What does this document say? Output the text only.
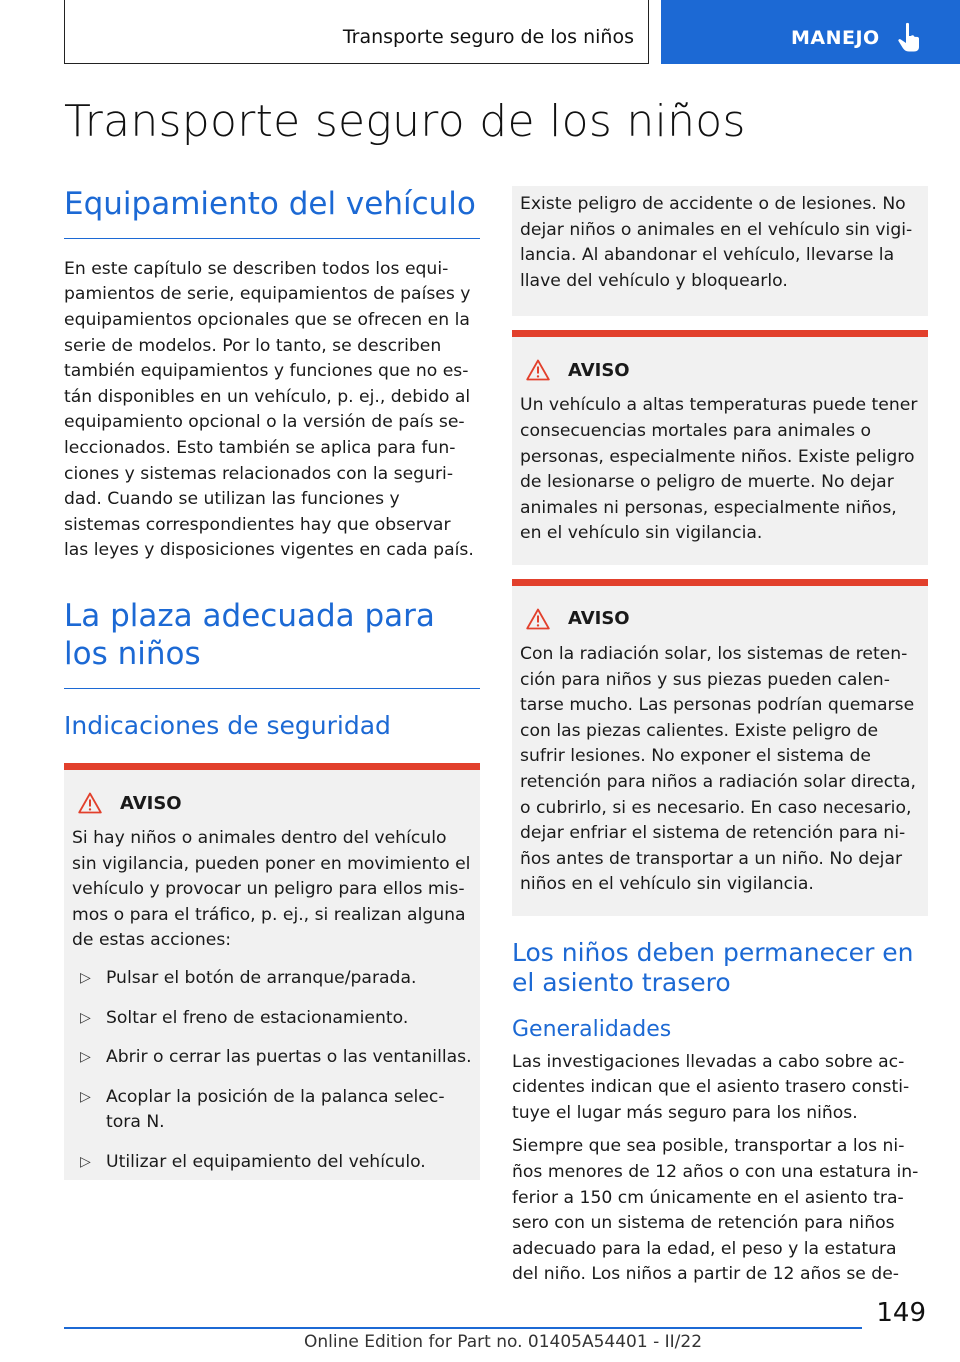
Transporte seguro de los niños	MANEJO
Transporte seguro de los niños
Equipamiento del vehículo

En este capítulo se describen todos los equipamientos de serie, equipamientos de países y equipamientos opcionales que se ofrecen en la serie de modelos. Por lo tanto, se describen también equipamientos y funciones que no están disponibles en un vehículo, p. ej., debido al equipamiento opcional o la versión de país seleccionados. Esto también se aplica para funciones y sistemas relacionados con la seguridad. Cuando se utilizan las funciones y sistemas correspondientes hay que observar las leyes y disposiciones vigentes en cada país.

La plaza adecuada para los niños
Indicaciones de seguridad
AVISO

Si hay niños o animales dentro del vehículo sin vigilancia, pueden poner en movimiento el vehículo y provocar un peligro para ellos mismos o para el tráfico, p. ej., si realizan alguna de estas acciones:

▷ Pulsar el botón de arranque/parada.
▷ Soltar el freno de estacionamiento.
▷ Abrir o cerrar las puertas o las ventanillas.
▷ Acoplar la posición de la palanca selectora N.
▷ Utilizar el equipamiento del vehículo.

Existe peligro de accidente o de lesiones. No dejar niños o animales en el vehículo sin vigilancia. Al abandonar el vehículo, llevarse la llave del vehículo y bloquearlo.

AVISO

Un vehículo a altas temperaturas puede tener consecuencias mortales para animales o personas, especialmente niños. Existe peligro de lesionarse o peligro de muerte. No dejar animales ni personas, especialmente niños, en el vehículo sin vigilancia.

AVISO

Con la radiación solar, los sistemas de retención para niños y sus piezas pueden calentarse mucho. Las personas podrían quemarse con las piezas calientes. Existe peligro de sufrir lesiones. No exponer el sistema de retención para niños a radiación solar directa, o cubrirlo, si es necesario. En caso necesario, dejar enfriar el sistema de retención para niños antes de transportar a un niño. No dejar niños en el vehículo sin vigilancia.

Los niños deben permanecer en el asiento trasero
Generalidades

Las investigaciones llevadas a cabo sobre accidentes indican que el asiento trasero constituye el lugar más seguro para los niños.

Siempre que sea posible, transportar a los niños menores de 12 años o con una estatura inferior a 150 cm únicamente en el asiento trasero con un sistema de retención para niños adecuado para la edad, el peso y la estatura del niño. Los niños a partir de 12 años se de-

149
Online Edition for Part no. 01405A54401 - II/22
